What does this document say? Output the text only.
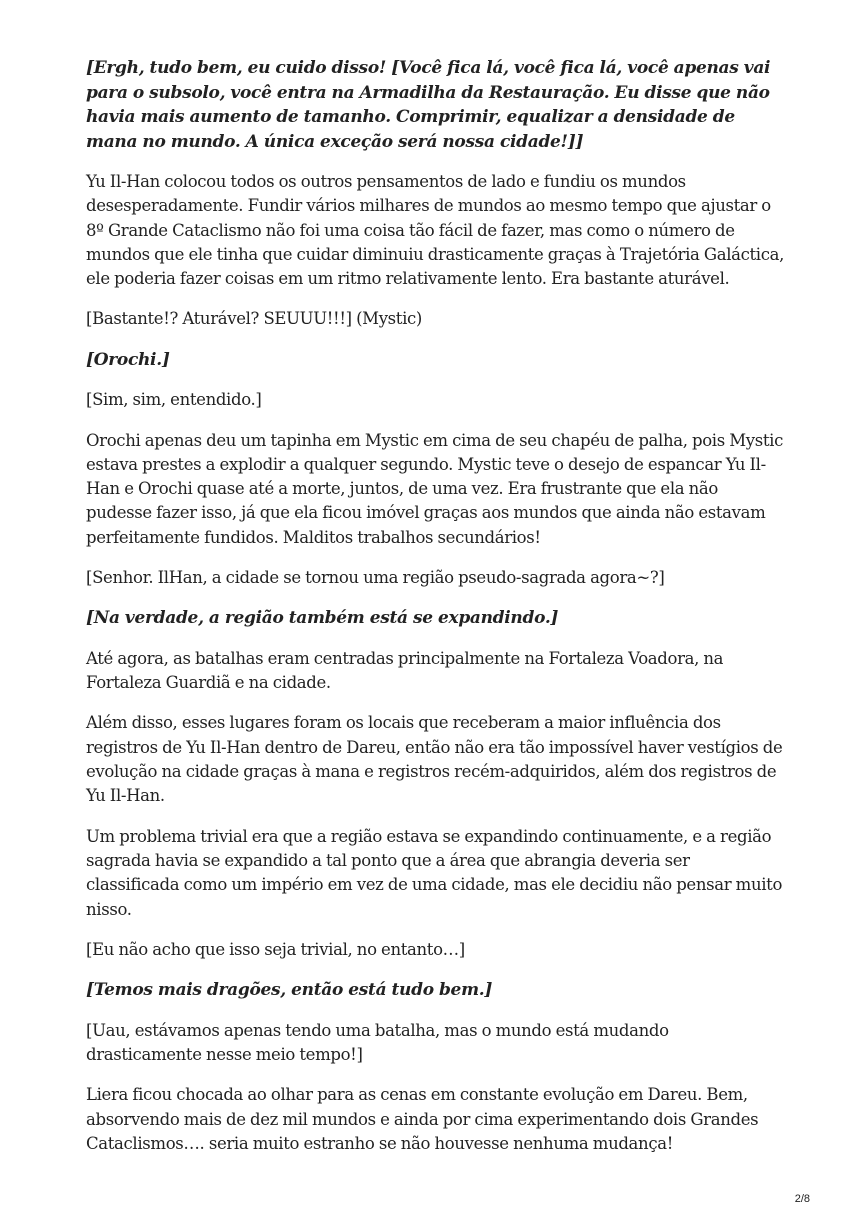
[Ergh, tudo bem, eu cuido disso! [Você fica lá, você fica lá, você apenas vai para o subsolo, você entra na Armadilha da Restauração. Eu disse que não havia mais aumento de tamanho. Comprimir, equalizar a densidade de mana no mundo. A única exceção será nossa cidade!]]

Yu Il-Han colocou todos os outros pensamentos de lado e fundiu os mundos desesperadamente. Fundir vários milhares de mundos ao mesmo tempo que ajustar o 8º Grande Cataclismo não foi uma coisa tão fácil de fazer, mas como o número de mundos que ele tinha que cuidar diminuiu drasticamente graças à Trajetória Galáctica, ele poderia fazer coisas em um ritmo relativamente lento. Era bastante aturável.

[Bastante!? Aturável? SEUUU!!!] (Mystic)

[Orochi.]

[Sim, sim, entendido.]

Orochi apenas deu um tapinha em Mystic em cima de seu chapéu de palha, pois Mystic estava prestes a explodir a qualquer segundo. Mystic teve o desejo de espancar Yu Il-Han e Orochi quase até a morte, juntos, de uma vez. Era frustrante que ela não pudesse fazer isso, já que ela ficou imóvel graças aos mundos que ainda não estavam perfeitamente fundidos. Malditos trabalhos secundários!

[Senhor. IlHan, a cidade se tornou uma região pseudo-sagrada agora~?]

[Na verdade, a região também está se expandindo.]

Até agora, as batalhas eram centradas principalmente na Fortaleza Voadora, na Fortaleza Guardiã e na cidade.

Além disso, esses lugares foram os locais que receberam a maior influência dos registros de Yu Il-Han dentro de Dareu, então não era tão impossível haver vestígios de evolução na cidade graças à mana e registros recém-adquiridos, além dos registros de Yu Il-Han.

Um problema trivial era que a região estava se expandindo continuamente, e a região sagrada havia se expandido a tal ponto que a área que abrangia deveria ser classificada como um império em vez de uma cidade, mas ele decidiu não pensar muito nisso.

[Eu não acho que isso seja trivial, no entanto…]

[Temos mais dragões, então está tudo bem.]

[Uau, estávamos apenas tendo uma batalha, mas o mundo está mudando drasticamente nesse meio tempo!]

Liera ficou chocada ao olhar para as cenas em constante evolução em Dareu. Bem, absorvendo mais de dez mil mundos e ainda por cima experimentando dois Grandes Cataclismos…. seria muito estranho se não houvesse nenhuma mudança!

2/8
